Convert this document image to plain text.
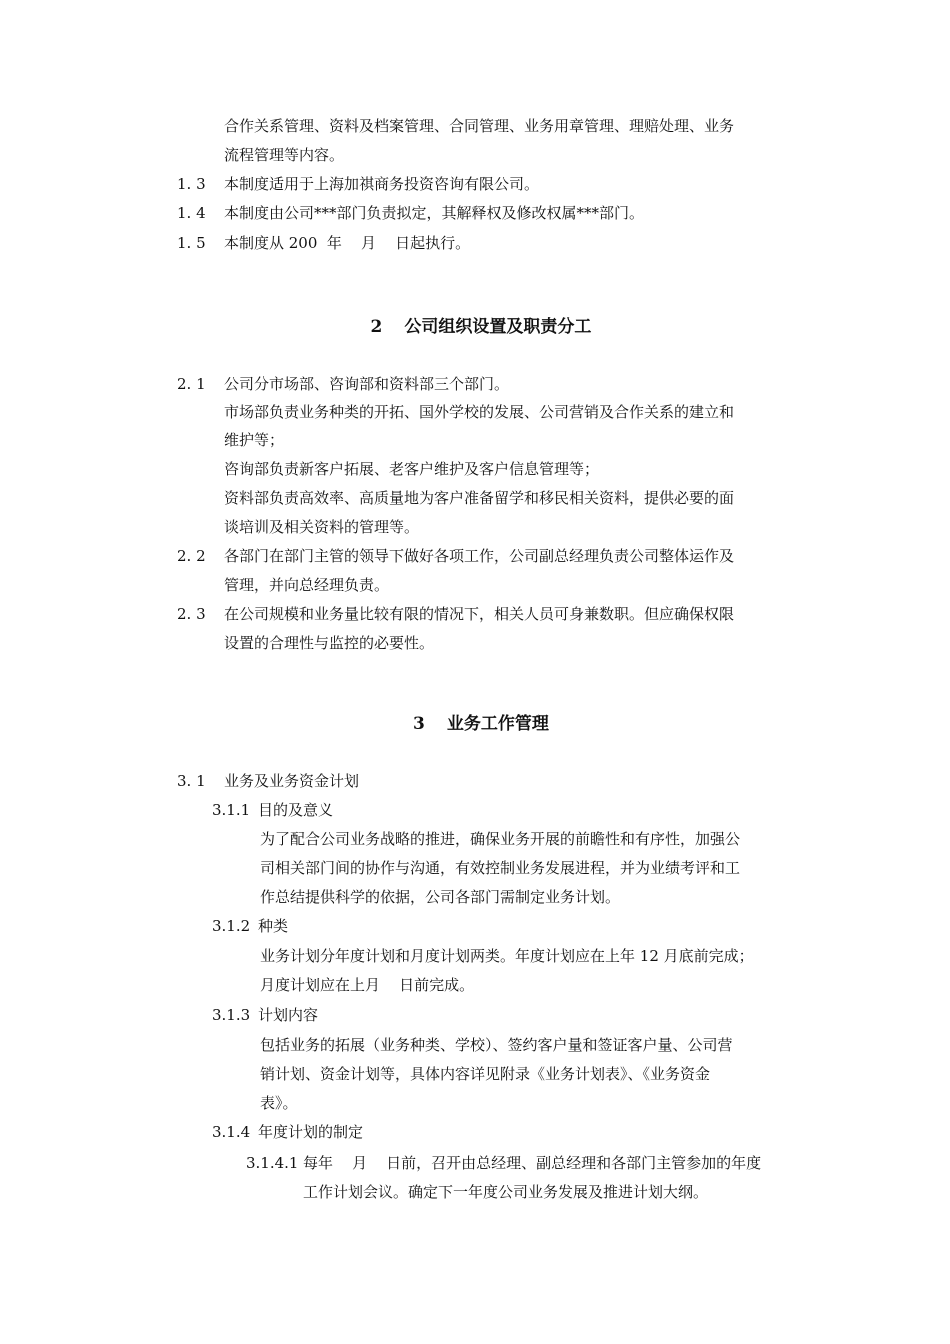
合作关系管理、资料及档案管理、合同管理、业务用章管理、理赔处理、业务
流程管理等内容。
1. 3 本制度适用于上海加祺商务投资咨询有限公司。
1. 4 本制度由公司***部门负责拟定，其解释权及修改权属***部门。
1. 5 本制度从 200  年    月    日起执行。

2 公司组织设置及职责分工

2. 1 公司分市场部、咨询部和资料部三个部门。
市场部负责业务种类的开拓、国外学校的发展、公司营销及合作关系的建立和
维护等；
咨询部负责新客户拓展、老客户维护及客户信息管理等；
资料部负责高效率、高质量地为客户准备留学和移民相关资料，提供必要的面
谈培训及相关资料的管理等。
2. 2 各部门在部门主管的领导下做好各项工作，公司副总经理负责公司整体运作及
管理，并向总经理负责。
2. 3 在公司规模和业务量比较有限的情况下，相关人员可身兼数职。但应确保权限
设置的合理性与监控的必要性。

3 业务工作管理

3. 1 业务及业务资金计划
3.1.1 目的及意义
为了配合公司业务战略的推进，确保业务开展的前瞻性和有序性，加强公
司相关部门间的协作与沟通，有效控制业务发展进程，并为业绩考评和工
作总结提供科学的依据，公司各部门需制定业务计划。
3.1.2 种类
业务计划分年度计划和月度计划两类。年度计划应在上年 12 月底前完成；
月度计划应在上月    日前完成。
3.1.3 计划内容
包括业务的拓展（业务种类、学校）、签约客户量和签证客户量、公司营
销计划、资金计划等，具体内容详见附录《业务计划表》、《业务资金
表》。
3.1.4 年度计划的制定
3.1.4.1 每年    月    日前，召开由总经理、副总经理和各部门主管参加的年度
工作计划会议。确定下一年度公司业务发展及推进计划大纲。
